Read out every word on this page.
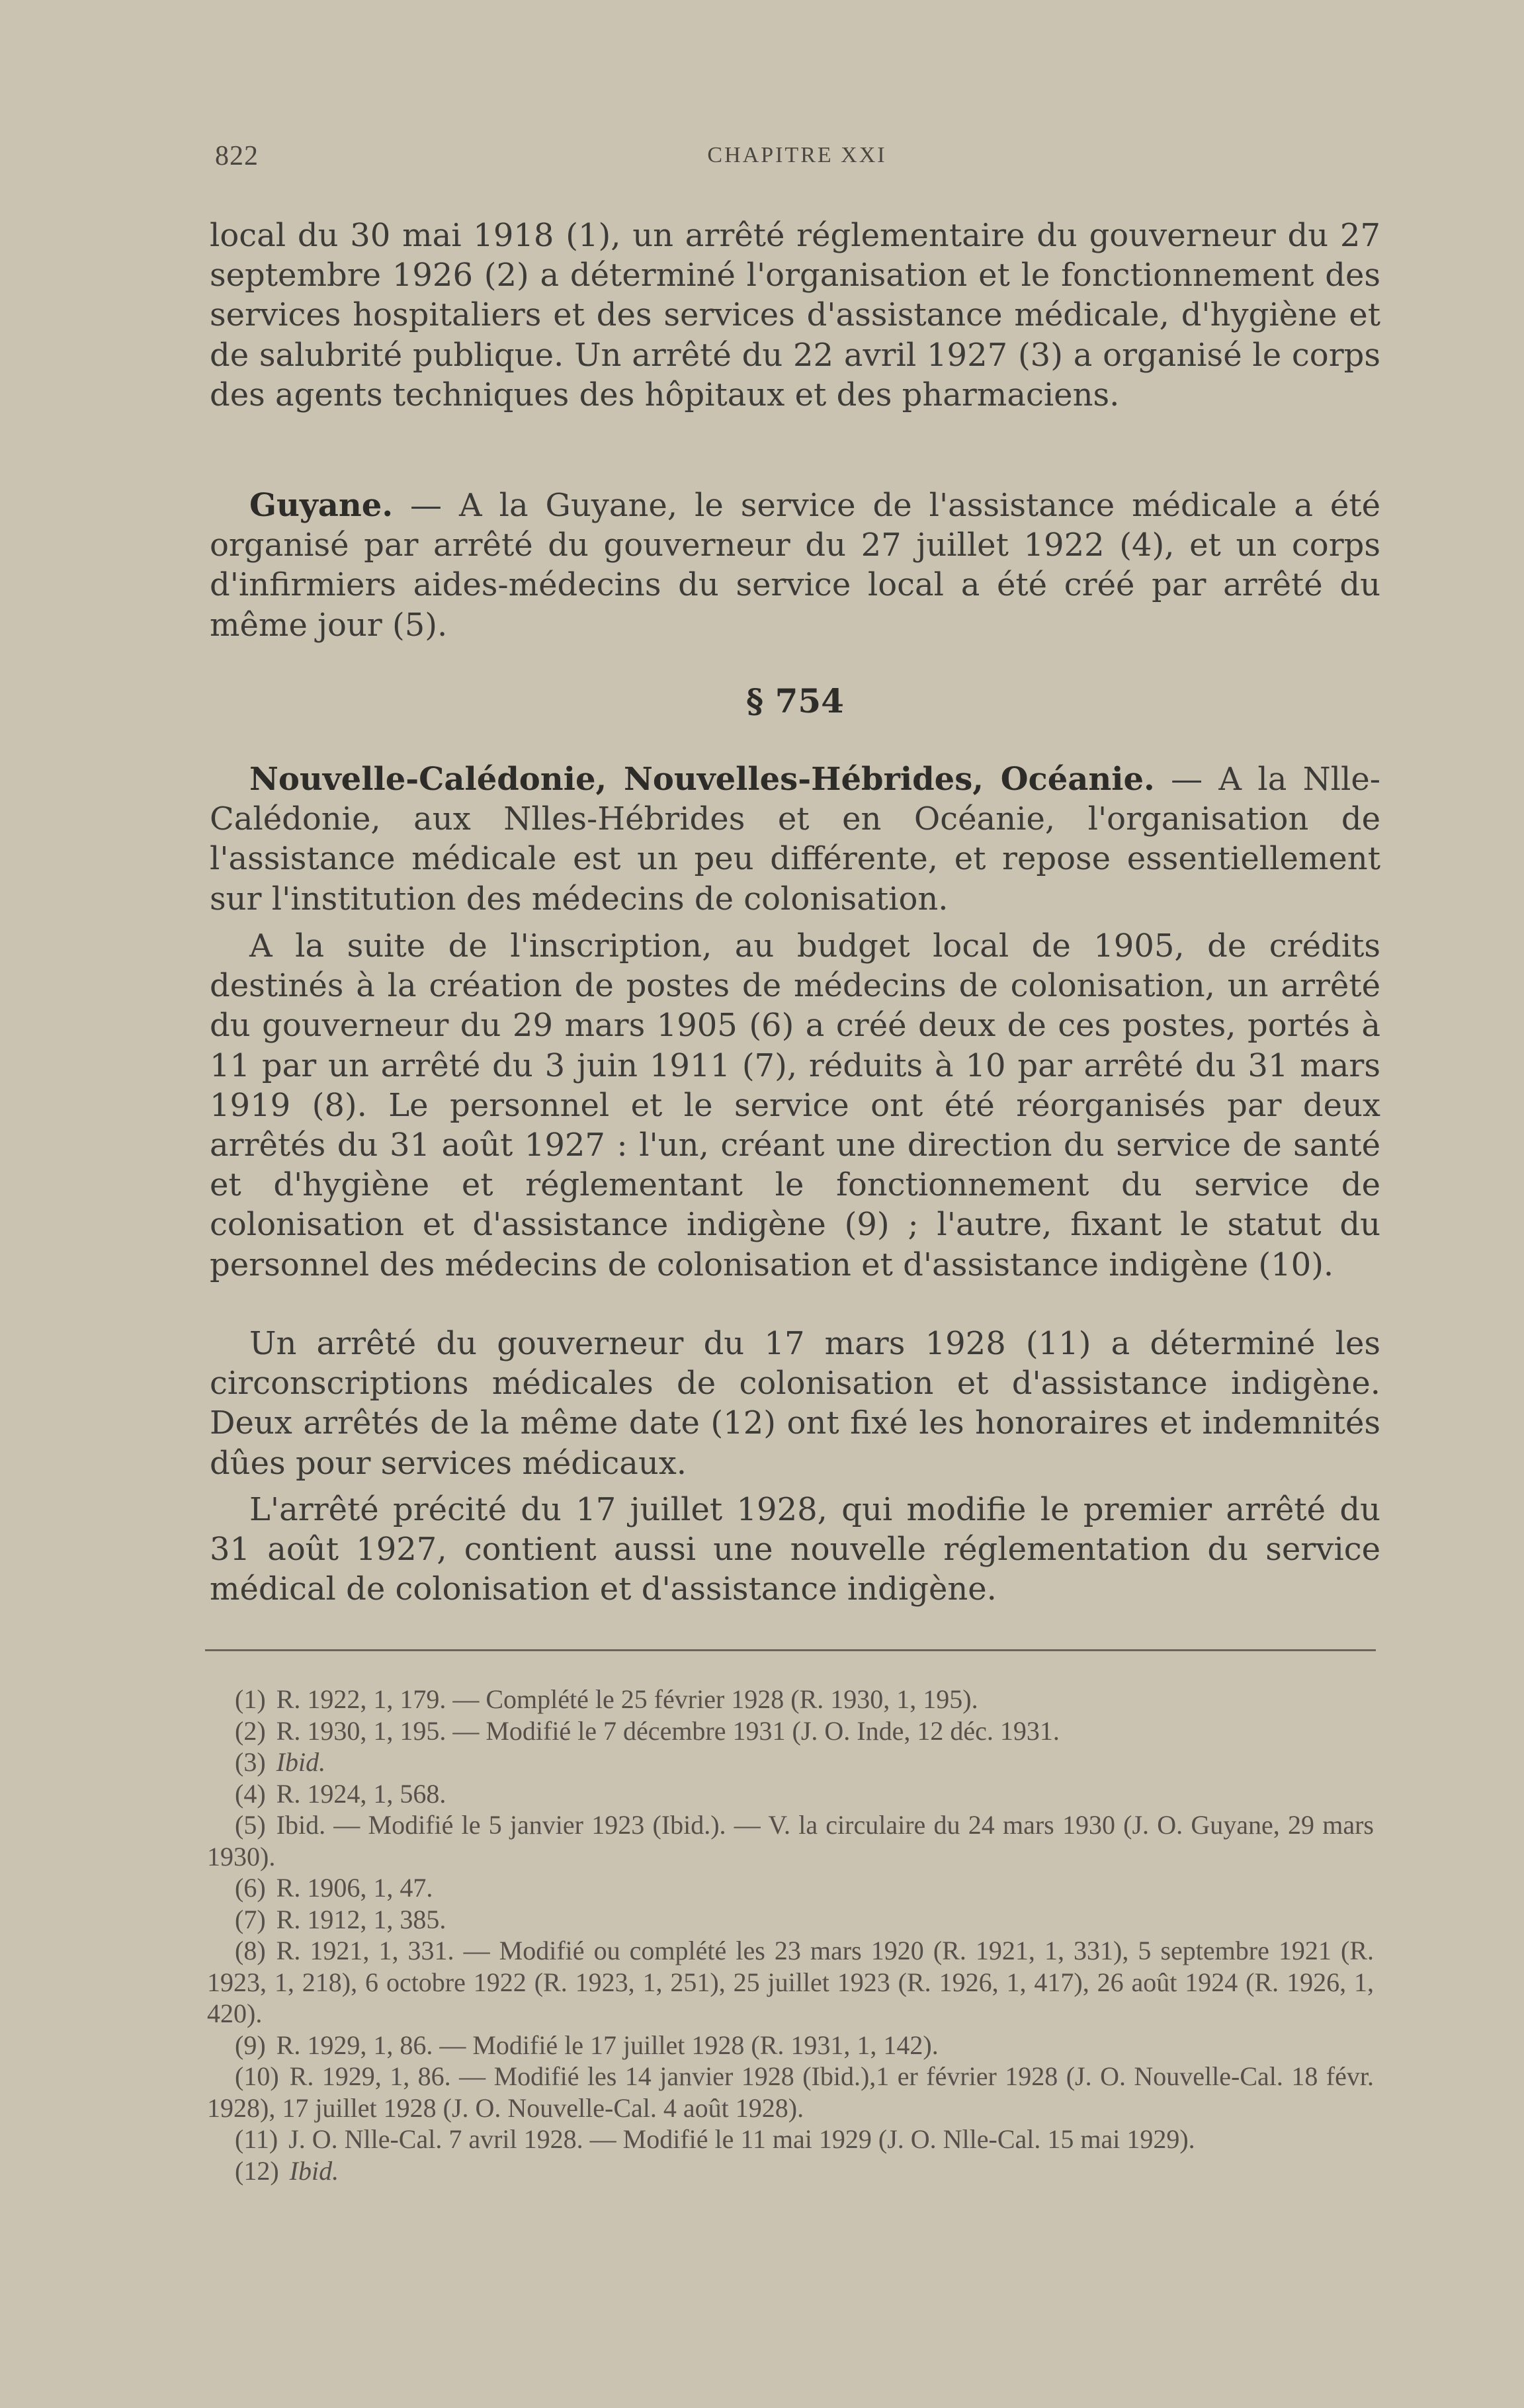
822	CHAPITRE XXI

local du 30 mai 1918 (1), un arrêté réglementaire du gouverneur du 27 septembre 1926 (2) a déterminé l'organisation et le fonctionnement des services hospitaliers et des services d'assistance médicale, d'hygiène et de salubrité publique. Un arrêté du 22 avril 1927 (3) a organisé le corps des agents techniques des hôpitaux et des pharmaciens.

Guyane. — A la Guyane, le service de l'assistance médicale a été organisé par arrêté du gouverneur du 27 juillet 1922 (4), et un corps d'infirmiers aides-médecins du service local a été créé par arrêté du même jour (5).

§ 754

Nouvelle-Calédonie, Nouvelles-Hébrides, Océanie. — A la Nlle-Calédonie, aux Nlles-Hébrides et en Océanie, l'organisation de l'assistance médicale est un peu différente, et repose essentiellement sur l'institution des médecins de colonisation.

A la suite de l'inscription, au budget local de 1905, de crédits destinés à la création de postes de médecins de colonisation, un arrêté du gouverneur du 29 mars 1905 (6) a créé deux de ces postes, portés à 11 par un arrêté du 3 juin 1911 (7), réduits à 10 par arrêté du 31 mars 1919 (8). Le personnel et le service ont été réorganisés par deux arrêtés du 31 août 1927 : l'un, créant une direction du service de santé et d'hygiène et réglementant le fonctionnement du service de colonisation et d'assistance indigène (9) ; l'autre, fixant le statut du personnel des médecins de colonisation et d'assistance indigène (10).

Un arrêté du gouverneur du 17 mars 1928 (11) a déterminé les circonscriptions médicales de colonisation et d'assistance indigène. Deux arrêtés de la même date (12) ont fixé les honoraires et indemnités dûes pour services médicaux.

L'arrêté précité du 17 juillet 1928, qui modifie le premier arrêté du 31 août 1927, contient aussi une nouvelle réglementation du service médical de colonisation et d'assistance indigène.

(1) R. 1922, 1, 179. — Complété le 25 février 1928 (R. 1930, 1, 195).

(2) R. 1930, 1, 195. — Modifié le 7 décembre 1931 (J. O. Inde, 12 déc. 1931.

(3) Ibid.

(4) R. 1924, 1, 568.

(5) Ibid. — Modifié le 5 janvier 1923 (Ibid.). — V. la circulaire du 24 mars 1930 (J. O. Guyane, 29 mars 1930).

(6) R. 1906, 1, 47.

(7) R. 1912, 1, 385.

(8) R. 1921, 1, 331. — Modifié ou complété les 23 mars 1920 (R. 1921, 1, 331), 5 septembre 1921 (R. 1923, 1, 218), 6 octobre 1922 (R. 1923, 1, 251), 25 juillet 1923 (R. 1926, 1, 417), 26 août 1924 (R. 1926, 1, 420).

(9) R. 1929, 1, 86. — Modifié le 17 juillet 1928 (R. 1931, 1, 142).

(10) R. 1929, 1, 86. — Modifié les 14 janvier 1928 (Ibid.),1 er février 1928 (J. O. Nouvelle-Cal. 18 févr. 1928), 17 juillet 1928 (J. O. Nouvelle-Cal. 4 août 1928).

(11) J. O. Nlle-Cal. 7 avril 1928. — Modifié le 11 mai 1929 (J. O. Nlle-Cal. 15 mai 1929).

(12) Ibid.
